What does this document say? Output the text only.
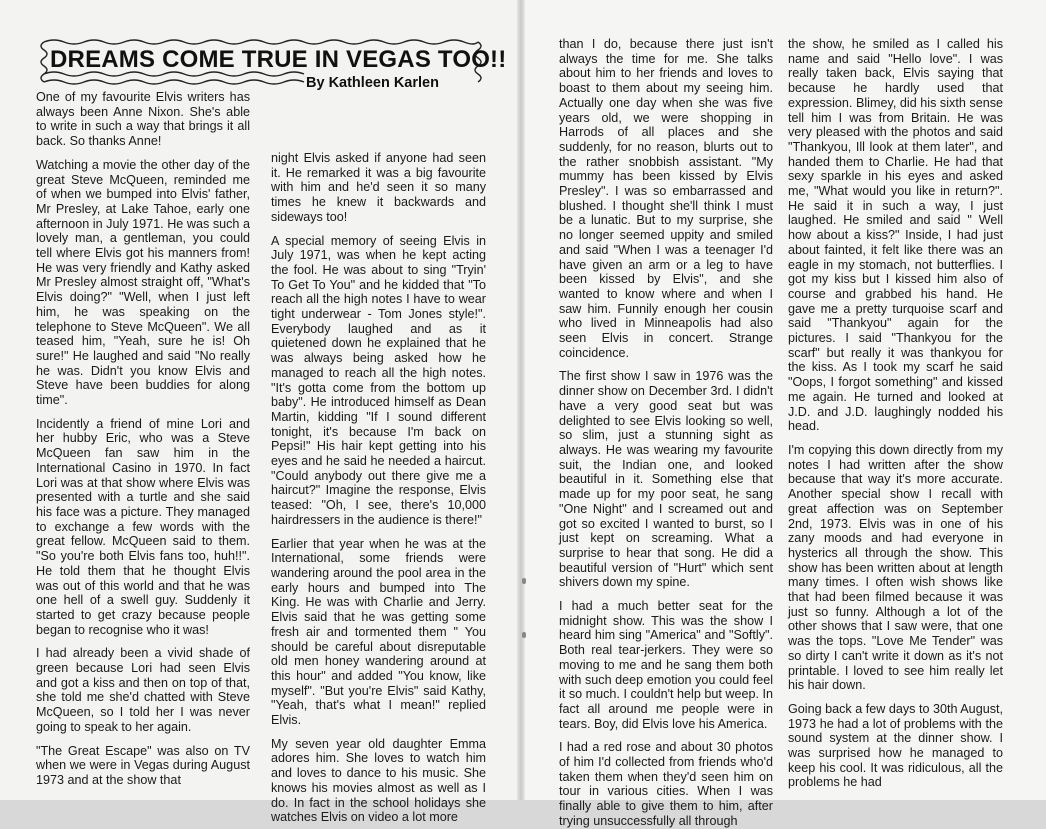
DREAMS COME TRUE IN VEGAS TOO!!
By Kathleen Karlen

One of my favourite Elvis writers has always been Anne Nixon. She's able to write in such a way that brings it all back. So thanks Anne!

Watching a movie the other day of the great Steve McQueen, reminded me of when we bumped into Elvis' father, Mr Presley, at Lake Tahoe, early one afternoon in July 1971. He was such a lovely man, a gentleman, you could tell where Elvis got his manners from! He was very friendly and Kathy asked Mr Presley almost straight off, "What's Elvis doing?" "Well, when I just left him, he was speaking on the telephone to Steve McQueen". We all teased him, "Yeah, sure he is! Oh sure!" He laughed and said "No really he was. Didn't you know Elvis and Steve have been buddies for along time".

Incidently a friend of mine Lori and her hubby Eric, who was a Steve McQueen fan saw him in the International Casino in 1970. In fact Lori was at that show where Elvis was presented with a turtle and she said his face was a picture. They managed to exchange a few words with the great fellow. McQueen said to them. "So you're both Elvis fans too, huh!!". He told them that he thought Elvis was out of this world and that he was one hell of a swell guy. Suddenly it started to get crazy because people began to recognise who it was!

I had already been a vivid shade of green because Lori had seen Elvis and got a kiss and then on top of that, she told me she'd chatted with Steve McQueen, so I told her I was never going to speak to her again.

"The Great Escape" was also on TV when we were in Vegas during August 1973 and at the show that

night Elvis asked if anyone had seen it. He remarked it was a big favourite with him and he'd seen it so many times he knew it backwards and sideways too!

A special memory of seeing Elvis in July 1971, was when he kept acting the fool. He was about to sing "Tryin' To Get To You" and he kidded that "To reach all the high notes I have to wear tight underwear - Tom Jones style!". Everybody laughed and as it quietened down he explained that he was always being asked how he managed to reach all the high notes. "It's gotta come from the bottom up baby". He introduced himself as Dean Martin, kidding "If I sound different tonight, it's because I'm back on Pepsi!" His hair kept getting into his eyes and he said he needed a haircut. "Could anybody out there give me a haircut?" Imagine the response, Elvis teased: "Oh, I see, there's 10,000 hairdressers in the audience is there!"

Earlier that year when he was at the International, some friends were wandering around the pool area in the early hours and bumped into The King. He was with Charlie and Jerry. Elvis said that he was getting some fresh air and tormented them " You should be careful about disreputable old men honey wandering around at this hour" and added "You know, like myself". "But you're Elvis" said Kathy, "Yeah, that's what I mean!" replied Elvis.

My seven year old daughter Emma adores him. She loves to watch him and loves to dance to his music. She knows his movies almost as well as I do. In fact in the school holidays she watches Elvis on video a lot more

than I do, because there just isn't always the time for me. She talks about him to her friends and loves to boast to them about my seeing him. Actually one day when she was five years old, we were shopping in Harrods of all places and she suddenly, for no reason, blurts out to the rather snobbish assistant. "My mummy has been kissed by Elvis Presley". I was so embarrassed and blushed. I thought she'll think I must be a lunatic. But to my surprise, she no longer seemed uppity and smiled and said "When I was a teenager I'd have given an arm or a leg to have been kissed by Elvis", and she wanted to know where and when I saw him. Funnily enough her cousin who lived in Minneapolis had also seen Elvis in concert. Strange coincidence.

The first show I saw in 1976 was the dinner show on December 3rd. I didn't have a very good seat but was delighted to see Elvis looking so well, so slim, just a stunning sight as always. He was wearing my favourite suit, the Indian one, and looked beautiful in it. Something else that made up for my poor seat, he sang "One Night" and I screamed out and got so excited I wanted to burst, so I just kept on screaming. What a surprise to hear that song. He did a beautiful version of "Hurt" which sent shivers down my spine.

I had a much better seat for the midnight show. This was the show I heard him sing "America" and "Softly". Both real tear-jerkers. They were so moving to me and he sang them both with such deep emotion you could feel it so much. I couldn't help but weep. In fact all around me people were in tears. Boy, did Elvis love his America.

I had a red rose and about 30 photos of him I'd collected from friends who'd taken them when they'd seen him on tour in various cities. When I was finally able to give them to him, after trying unsuccessfully all through

the show, he smiled as I called his name and said "Hello love". I was really taken back, Elvis saying that because he hardly used that expression. Blimey, did his sixth sense tell him I was from Britain. He was very pleased with the photos and said "Thankyou, Ill look at them later", and handed them to Charlie. He had that sexy sparkle in his eyes and asked me, "What would you like in return?". He said it in such a way, I just laughed. He smiled and said " Well how about a kiss?" Inside, I had just about fainted, it felt like there was an eagle in my stomach, not butterflies. I got my kiss but I kissed him also of course and grabbed his hand. He gave me a pretty turquoise scarf and said "Thankyou" again for the pictures. I said "Thankyou for the scarf" but really it was thankyou for the kiss. As I took my scarf he said "Oops, I forgot something" and kissed me again. He turned and looked at J.D. and J.D. laughingly nodded his head.

I'm copying this down directly from my notes I had written after the show because that way it's more accurate. Another special show I recall with great affection was on September 2nd, 1973. Elvis was in one of his zany moods and had everyone in hysterics all through the show. This show has been written about at length many times. I often wish shows like that had been filmed because it was just so funny. Although a lot of the other shows that I saw were, that one was the tops. "Love Me Tender" was so dirty I can't write it down as it's not printable. I loved to see him really let his hair down.

Going back a few days to 30th August, 1973 he had a lot of problems with the sound system at the dinner show. I was surprised how he managed to keep his cool. It was ridiculous, all the problems he had
